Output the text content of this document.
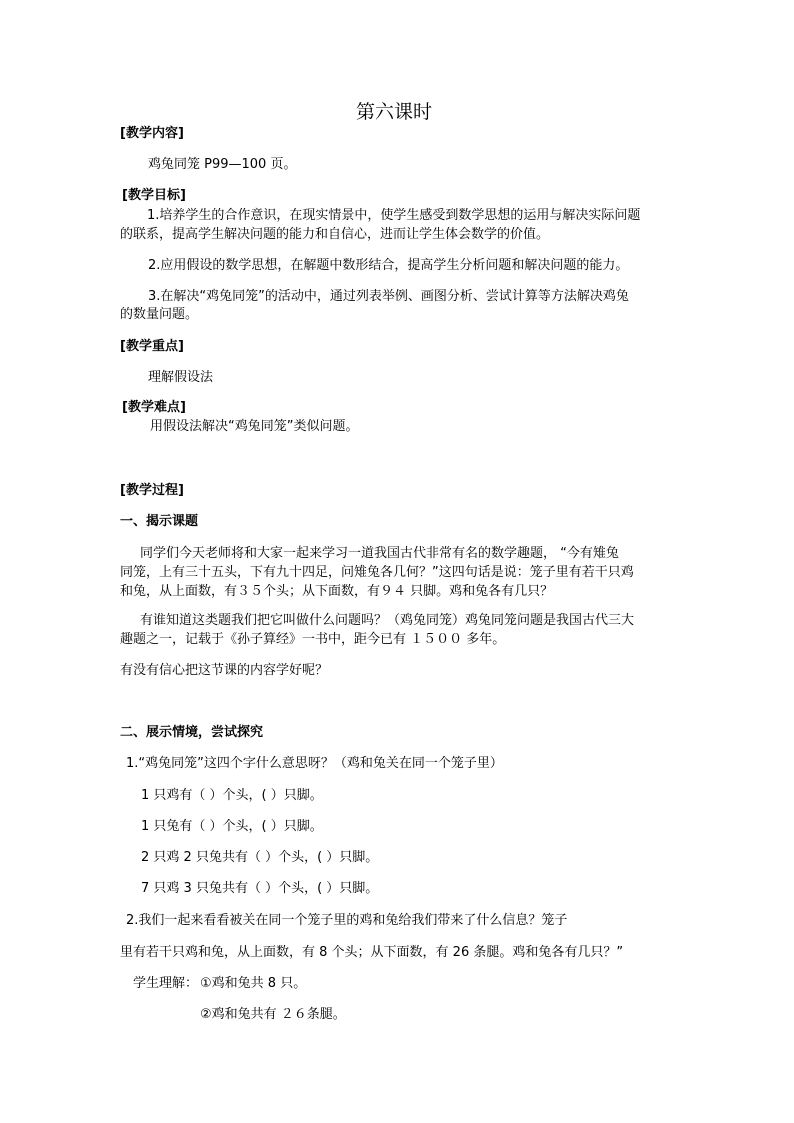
第六课时
[教学内容]
鸡兔同笼 P99—100 页。
[教学目标]
1.培养学生的合作意识，在现实情景中，使学生感受到数学思想的运用与解决实际问题
的联系，提高学生解决问题的能力和自信心，进而让学生体会数学的价值。
2.应用假设的数学思想，在解题中数形结合，提高学生分析问题和解决问题的能力。
3.在解决“鸡兔同笼”的活动中，通过列表举例、画图分析、尝试计算等方法解决鸡兔
的数量问题。
[教学重点]
理解假设法
[教学难点]
用假设法解决“鸡兔同笼”类似问题。
[教学过程]
一、揭示课题
同学们今天老师将和大家一起来学习一道我国古代非常有名的数学趣题， “今有雉兔
同笼，上有三十五头，下有九十四足，问雉兔各几何？”这四句话是说：笼子里有若干只鸡
和兔，从上面数，有３５个头；从下面数，有９４ 只脚。鸡和兔各有几只？
有谁知道这类题我们把它叫做什么问题吗？（鸡兔同笼）鸡兔同笼问题是我国古代三大
趣题之一，记载于《孙子算经》一书中，距今已有 １５００ 多年。
有没有信心把这节课的内容学好呢？
二、展示情境，尝试探究
1.“鸡兔同笼”这四个字什么意思呀？（鸡和兔关在同一个笼子里）
1 只鸡有（ ）个头，( ）只脚。
1 只兔有（ ）个头，( ）只脚。
2 只鸡 2 只兔共有（ ）个头，( ）只脚。
7 只鸡 3 只兔共有（ ）个头，( ）只脚。
2.我们一起来看看被关在同一个笼子里的鸡和兔给我们带来了什么信息？笼子
里有若干只鸡和兔，从上面数，有 8 个头；从下面数，有 26 条腿。鸡和兔各有几只？”
学生理解： ①鸡和兔共 8 只。
②鸡和兔共有 ２６条腿。
